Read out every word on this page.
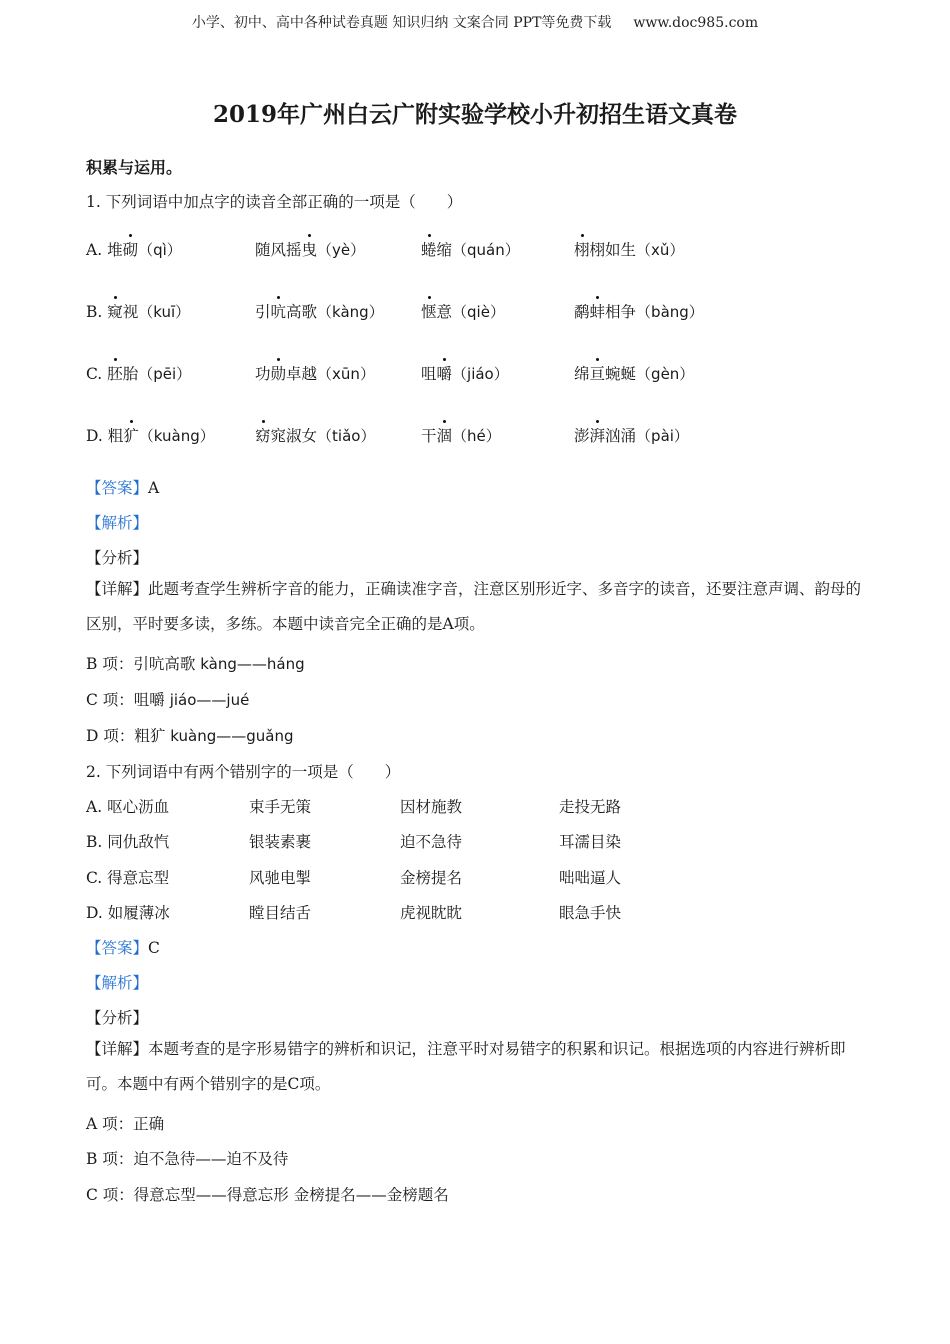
小学、初中、高中各种试卷真题 知识归纳 文案合同 PPT等免费下载 www.doc985.com
2019年广州白云广附实验学校小升初招生语文真卷
积累与运用。
1. 下列词语中加点字的读音全部正确的一项是（　　）
A. 堆砌（qì）	随风摇曳（yè）	蜷缩（quán）	栩栩如生（xǔ）
B. 窥视（kuī）	引吭高歌（kàng） 惬意（qiè）	鹬蚌相争（bàng）
C. 胚胎（pēi）	功勋卓越（xūn）	咀嚼（jiáo）	绵亘蜿蜒（gèn）
D. 粗犷（kuàng）	窈窕淑女（tiǎo）	干涸（hé）	澎湃汹涌（pài）
【答案】A
【解析】
【分析】
【详解】此题考查学生辨析字音的能力，正确读准字音，注意区别形近字、多音字的读音，还要注意声调、韵母的区别，平时要多读，多练。本题中读音完全正确的是A项。
B 项：引吭高歌 kàng——háng
C 项：咀嚼 jiáo——jué
D 项：粗犷 kuàng——guǎng
2. 下列词语中有两个错别字的一项是（　　）
A. 呕心沥血	束手无策	因材施教	走投无路
B. 同仇敌忾	银装素裹	迫不急待	耳濡目染
C. 得意忘型	风驰电掣	金榜提名	咄咄逼人
D. 如履薄冰	瞠目结舌	虎视眈眈	眼急手快
【答案】C
【解析】
【分析】
【详解】本题考查的是字形易错字的辨析和识记，注意平时对易错字的积累和识记。根据选项的内容进行辨析即可。本题中有两个错别字的是C项。
A 项：正确
B 项：迫不急待——迫不及待
C 项：得意忘型——得意忘形 金榜提名——金榜题名
